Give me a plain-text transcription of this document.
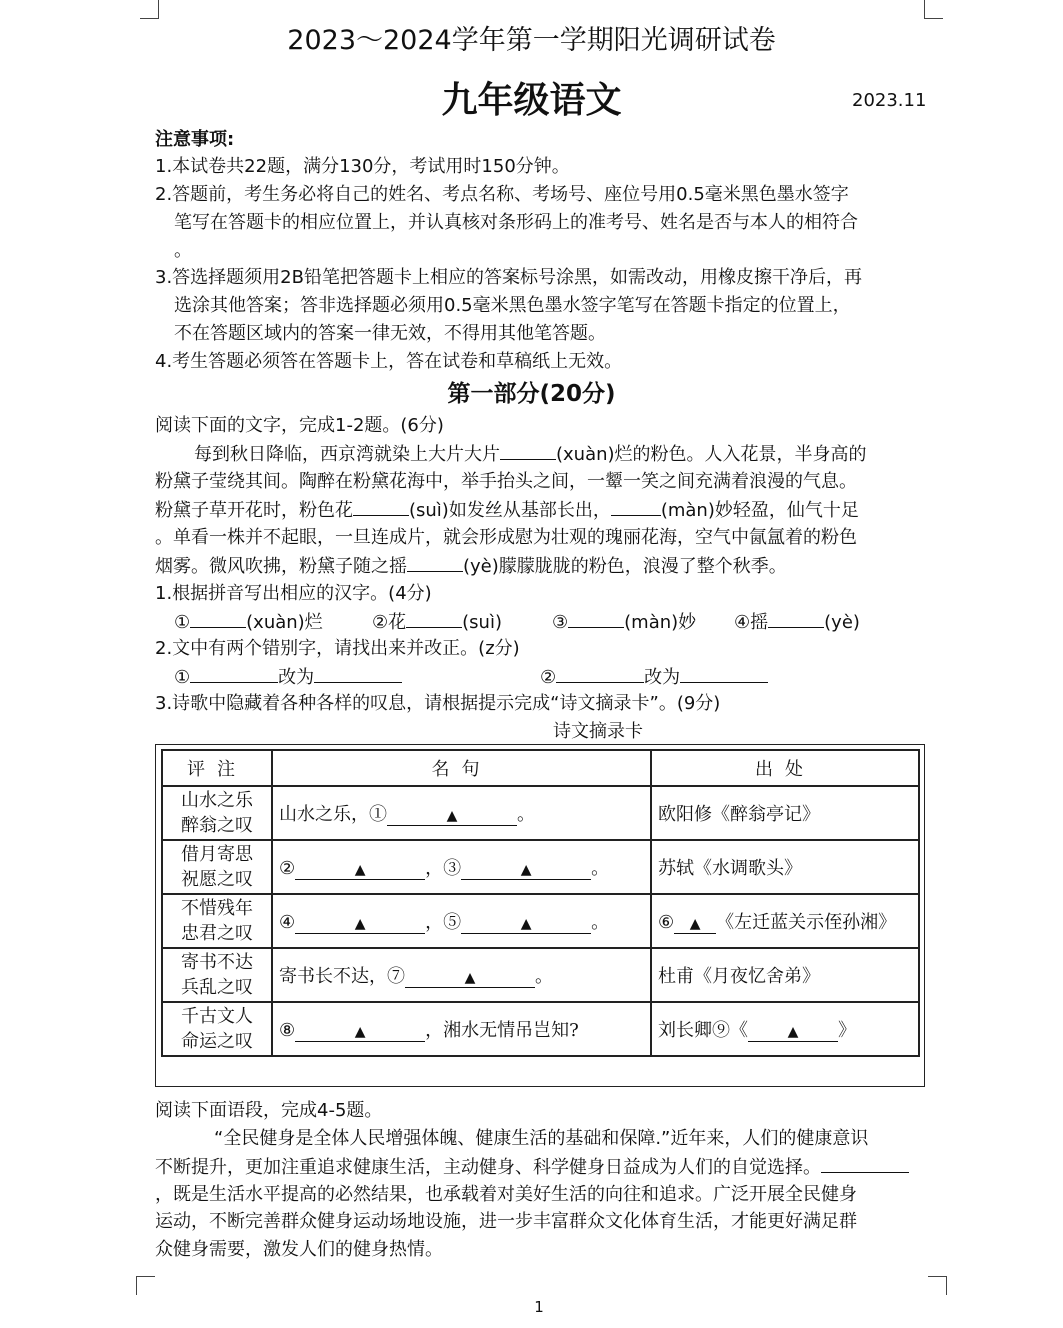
2023～2024学年第一学期阳光调研试卷
九年级语文	2023.11
注意事项:
1.本试卷共22题，满分130分，考试用时150分钟。
2.答题前，考生务必将自己的姓名、考点名称、考场号、座位号用0.5毫米黑色墨水签字
笔写在答题卡的相应位置上，并认真核对条形码上的准考号、姓名是否与本人的相符合
。
3.答选择题须用2B铅笔把答题卡上相应的答案标号涂黑，如需改动，用橡皮擦干净后，再
选涂其他答案；答非选择题必须用0.5毫米黑色墨水签字笔写在答题卡指定的位置上，
不在答题区域内的答案一律无效，不得用其他笔答题。
4.考生答题必须答在答题卡上，答在试卷和草稿纸上无效。
第一部分(20分)
阅读下面的文字，完成1-2题。(6分)
每到秋日降临，西京湾就染上大片大片	(xuàn)烂的粉色。人入花景，半身高的
粉黛子莹绕其间。陶醉在粉黛花海中，举手抬头之间，一颦一笑之间充满着浪漫的气息。
粉黛子草开花时，粉色花	(suì)如发丝从基部长出，	(màn)妙轻盈，仙气十足
。单看一株并不起眼，一旦连成片，就会形成慰为壮观的瑰丽花海，空气中氤氲着的粉色
烟雾。微风吹拂，粉黛子随之摇	(yè)朦朦胧胧的粉色，浪漫了整个秋季。
1.根据拼音写出相应的汉字。(4分)
①	(xuàn)烂	②花	(suì)	③	(màn)妙 ④摇	(yè)
2.文中有两个错别字，请找出来并改正。(z分)
①	改为	②	改为
3.诗歌中隐藏着各种各样的叹息，请根据提示完成“诗文摘录卡”。(9分)
诗文摘录卡
评注	名句	出处

山水之乐
醉翁之叹	山水之乐，① ▲ 。	欧阳修《醉翁亭记》

借月寄思
祝愿之叹	② ▲ ，③ ▲ 。	苏轼《水调歌头》

不惜残年
忠君之叹	④ ▲ ，⑤ ▲ 。	⑥ ▲ 《左迁蓝关示侄孙湘》

寄书不达
兵乱之叹	寄书长不达，⑦ ▲ 。	杜甫《月夜忆舍弟》

千古文人
命运之叹	⑧ ▲ ，湘水无情吊岂知?	刘长卿⑨《 ▲ 》
阅读下面语段，完成4-5题。
“全民健身是全体人民增强体魄、健康生活的基础和保障.”近年来，人们的健康意识
不断提升，更加注重追求健康生活，主动健身、科学健身日益成为人们的自觉选择。
，既是生活水平提高的必然结果，也承载着对美好生活的向往和追求。广泛开展全民健身
运动，不断完善群众健身运动场地设施，进一步丰富群众文化体育生活，才能更好满足群
众健身需要，激发人们的健身热情。
1
